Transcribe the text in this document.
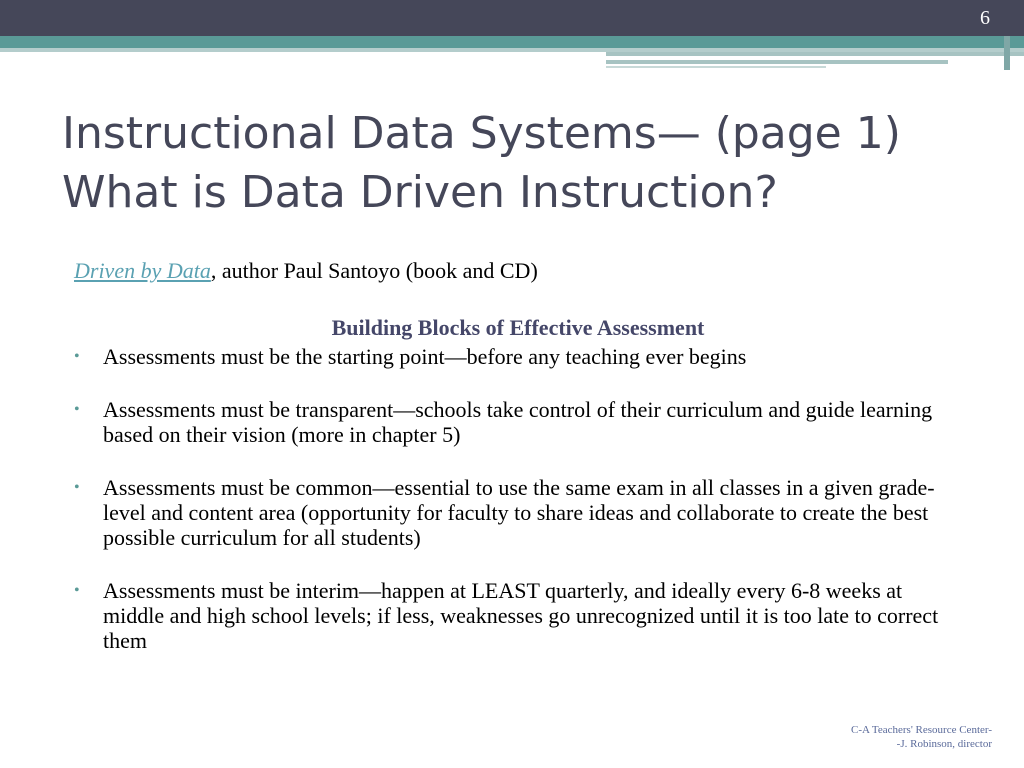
6
Instructional Data Systems— (page 1)
What is Data Driven Instruction?
Driven by Data, author Paul Santoyo (book and CD)
Building Blocks of Effective Assessment
• Assessments must be the starting point—before any teaching ever begins
• Assessments must be transparent—schools take control of their curriculum and guide learning based on their vision (more in chapter 5)
• Assessments must be common—essential to use the same exam in all classes in a given grade-level and content area (opportunity for faculty to share ideas and collaborate to create the best possible curriculum for all students)
• Assessments must be interim—happen at LEAST quarterly, and ideally every 6-8 weeks at middle and high school levels; if less, weaknesses go unrecognized until it is too late to correct them
C-A Teachers' Resource Center-
-J. Robinson, director
